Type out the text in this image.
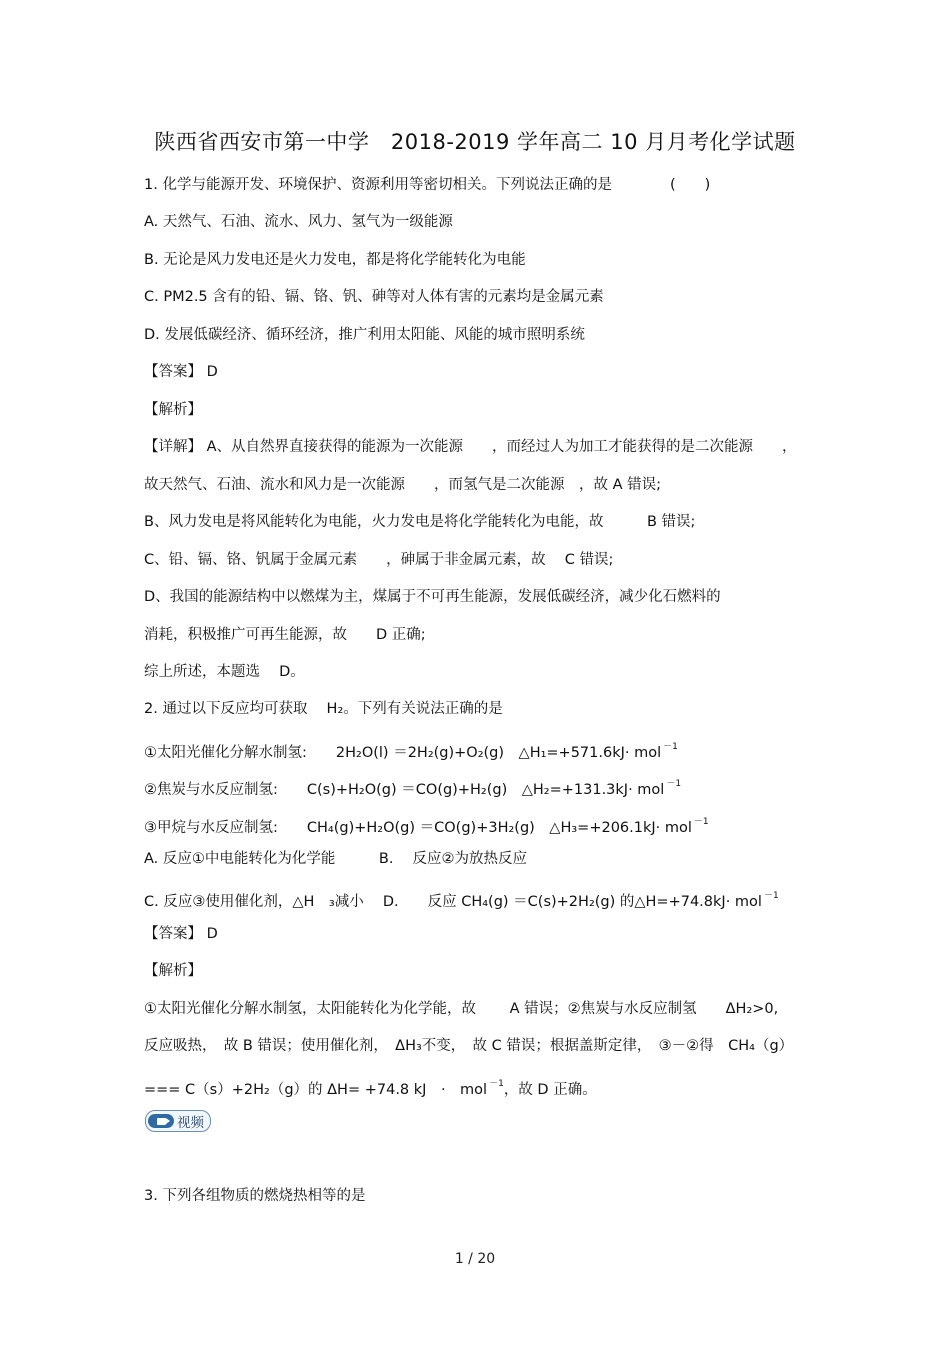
陕西省西安市第一中学　2018-2019 学年高二 10 月月考化学试题
1. 化学与能源开发、环境保护、资源利用等密切相关。下列说法正确的是　　　　(　　)
A. 天然气、石油、流水、风力、氢气为一级能源
B. 无论是风力发电还是火力发电，都是将化学能转化为电能
C. PM2.5 含有的铅、镉、铬、钒、砷等对人体有害的元素均是金属元素
D. 发展低碳经济、循环经济，推广利用太阳能、风能的城市照明系统
【答案】 D
【解析】
【详解】 A、从自然界直接获得的能源为一次能源　　，而经过人为加工才能获得的是二次能源　　，
故天然气、石油、流水和风力是一次能源　　，而氢气是二次能源　，故 A 错误;
B、风力发电是将风能转化为电能，火力发电是将化学能转化为电能，故　　　B 错误;
C、铅、镉、铬、钒属于金属元素　　，砷属于非金属元素，故　 C 错误;
D、我国的能源结构中以燃煤为主，煤属于不可再生能源，发展低碳经济，减少化石燃料的
消耗，积极推广可再生能源，故　　D 正确;
综上所述，本题选　 D。
2. 通过以下反应均可获取　 H₂。下列有关说法正确的是
①太阳光催化分解水制氢:　　2H₂O(l) ＝2H₂(g)+O₂(g)　△H₁=+571.6kJ· mol $^{-1}$
②焦炭与水反应制氢:　　C(s)+H₂O(g) ＝CO(g)+H₂(g)　△H₂=+131.3kJ· mol $^{-1}$
③甲烷与水反应制氢:　　CH₄(g)+H₂O(g) ＝CO(g)+3H₂(g)　△H₃=+206.1kJ· mol $^{-1}$
A. 反应①中电能转化为化学能　　　B.　 反应②为放热反应
C. 反应③使用催化剂，△H　₃减小　 D.　　反应 CH₄(g) ＝C(s)+2H₂(g) 的△H=+74.8kJ· mol $^{-1}$
【答案】 D
【解析】
①太阳光催化分解水制氢，太阳能转化为化学能，故　　 A 错误；②焦炭与水反应制氢　　ΔH₂>0,
反应吸热，　故 B 错误；使用催化剂，　ΔH₃不变，　故 C 错误；根据盖斯定律，　③－②得　CH₄（g）
=== C（s）+2H₂（g）的 ΔH= +74.8 kJ　·　mol $^{-1}$，故 D 正确。
视频
3. 下列各组物质的燃烧热相等的是
1 / 20
